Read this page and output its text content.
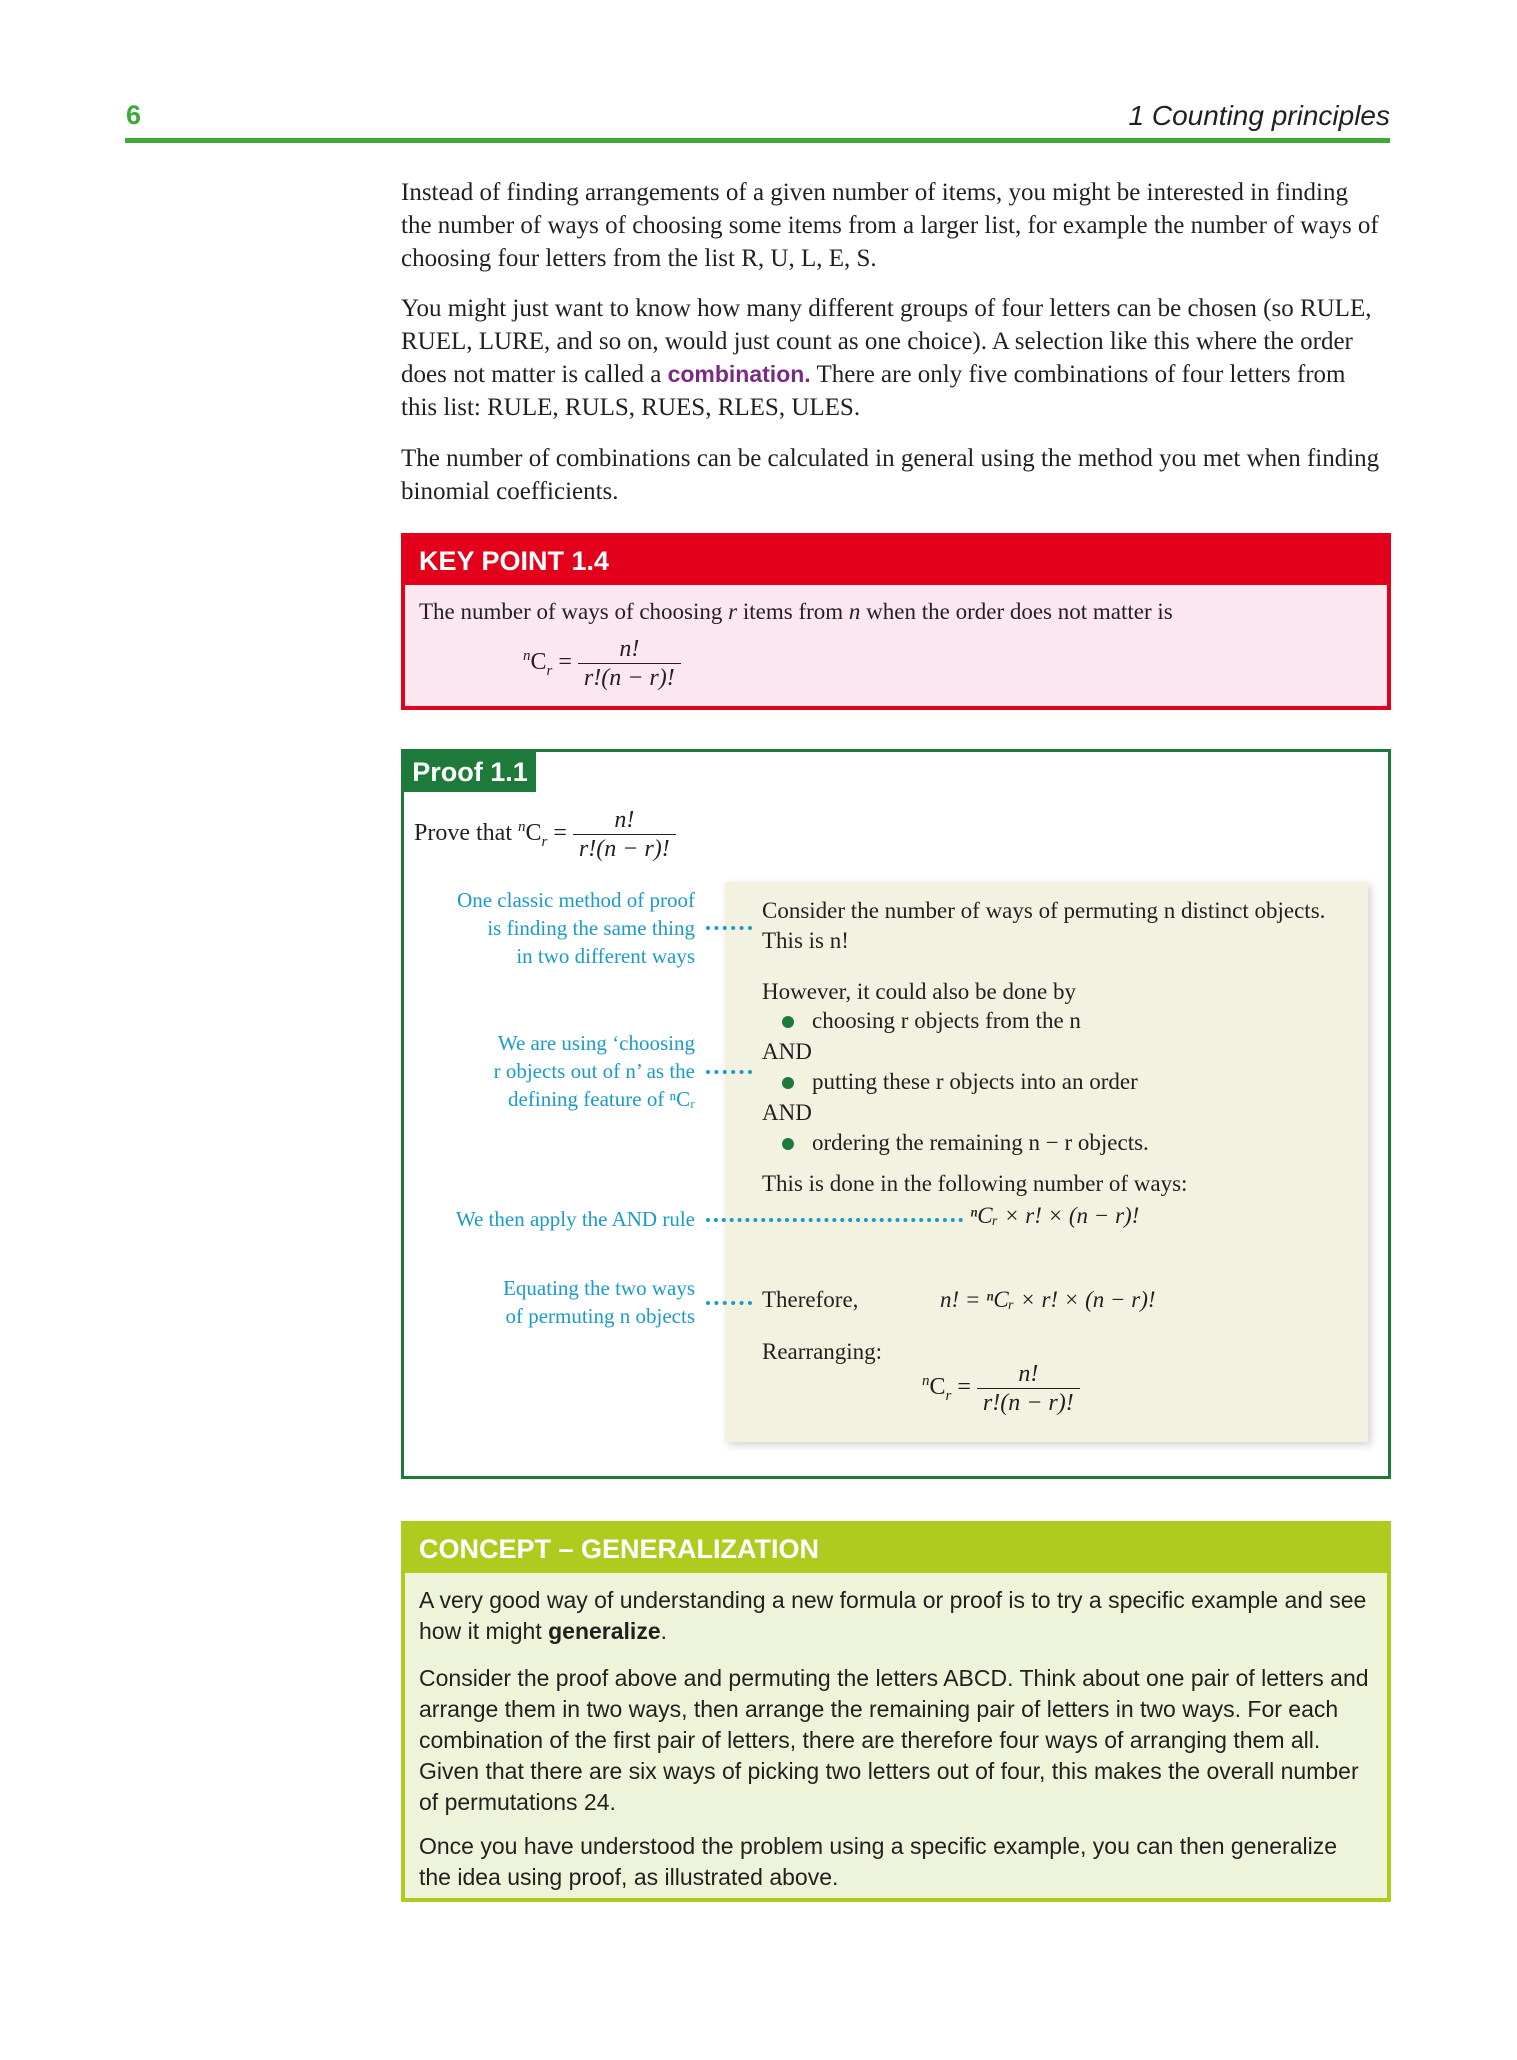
6	1 Counting principles

Instead of finding arrangements of a given number of items, you might be interested in finding the number of ways of choosing some items from a larger list, for example the number of ways of choosing four letters from the list R, U, L, E, S.

You might just want to know how many different groups of four letters can be chosen (so RULE, RUEL, LURE, and so on, would just count as one choice). A selection like this where the order does not matter is called a combination. There are only five combinations of four letters from this list: RULE, RULS, RUES, RLES, ULES.

The number of combinations can be calculated in general using the method you met when finding binomial coefficients.

KEY POINT 1.4
The number of ways of choosing r items from n when the order does not matter is
$^nC_r = \frac{n!}{r!(n - r)!}$
Proof 1.1
Prove that $^nC_r = \frac{n!}{r!(n - r)!}$
Consider the number of ways of permuting n distinct objects.
This is n!
However, it could also be done by
choosing r objects from the n
AND
putting these r objects into an order
AND
ordering the remaining n − r objects.
This is done in the following number of ways:
ⁿCᵣ × r! × (n − r)!
Therefore,	n! = ⁿCᵣ × r! × (n − r)!
Rearranging:
$^nC_r = \frac{n!}{r!(n - r)!}$
One classic method of proof
is finding the same thing
in two different ways
We are using ‘choosing
r objects out of n’ as the
defining feature of ⁿCᵣ
We then apply the AND rule
Equating the two ways
of permuting n objects
CONCEPT – GENERALIZATION

A very good way of understanding a new formula or proof is to try a specific example and see how it might generalize.

Consider the proof above and permuting the letters ABCD. Think about one pair of letters and arrange them in two ways, then arrange the remaining pair of letters in two ways. For each combination of the first pair of letters, there are therefore four ways of arranging them all. Given that there are six ways of picking two letters out of four, this makes the overall number of permutations 24.

Once you have understood the problem using a specific example, you can then generalize the idea using proof, as illustrated above.
